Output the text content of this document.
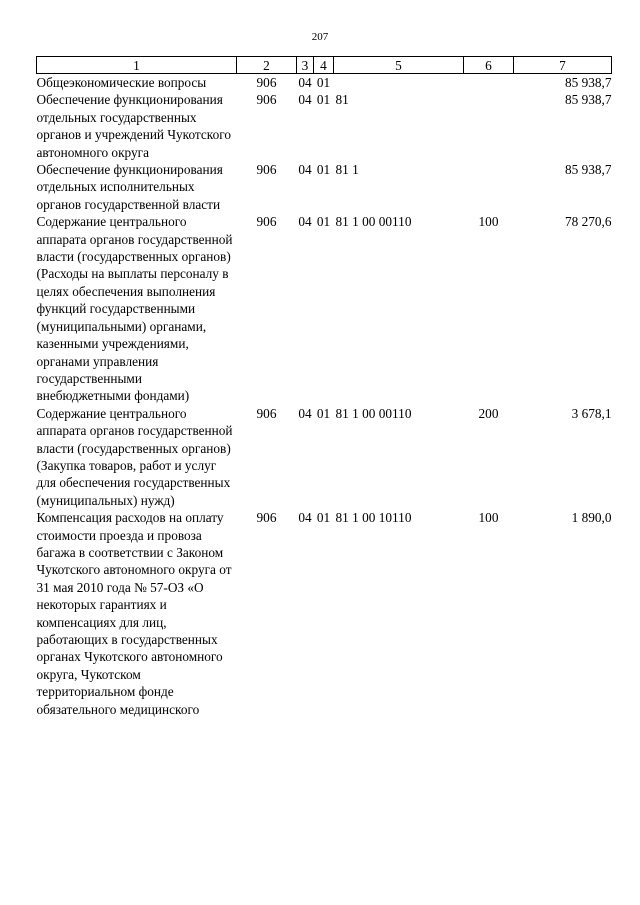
207
1	2	3	4	5	6	7
Общеэкономические вопросы	906	04	01			85 938,7
Обеспечение функционирования отдельных государственных органов и учреждений Чукотского автономного округа	906	04	01	81		85 938,7
Обеспечение функционирования отдельных исполнительных органов государственной власти	906	04	01	81 1		85 938,7
Содержание центрального аппарата органов государственной власти (государственных органов) (Расходы на выплаты персоналу в целях обеспечения выполнения функций государственными (муниципальными) органами, казенными учреждениями, органами управления государственными внебюджетными фондами)	906	04	01	81 1 00 00110	100	78 270,6
Содержание центрального аппарата органов государственной власти (государственных органов) (Закупка товаров, работ и услуг для обеспечения государственных (муниципальных) нужд)	906	04	01	81 1 00 00110	200	3 678,1
Компенсация расходов на оплату стоимости проезда и провоза багажа в соответствии с Законом Чукотского автономного округа от 31 мая 2010 года № 57-ОЗ «О некоторых гарантиях и компенсациях для лиц, работающих в государственных органах Чукотского автономного округа, Чукотском территориальном фонде обязательного медицинского	906	04	01	81 1 00 10110	100	1 890,0
